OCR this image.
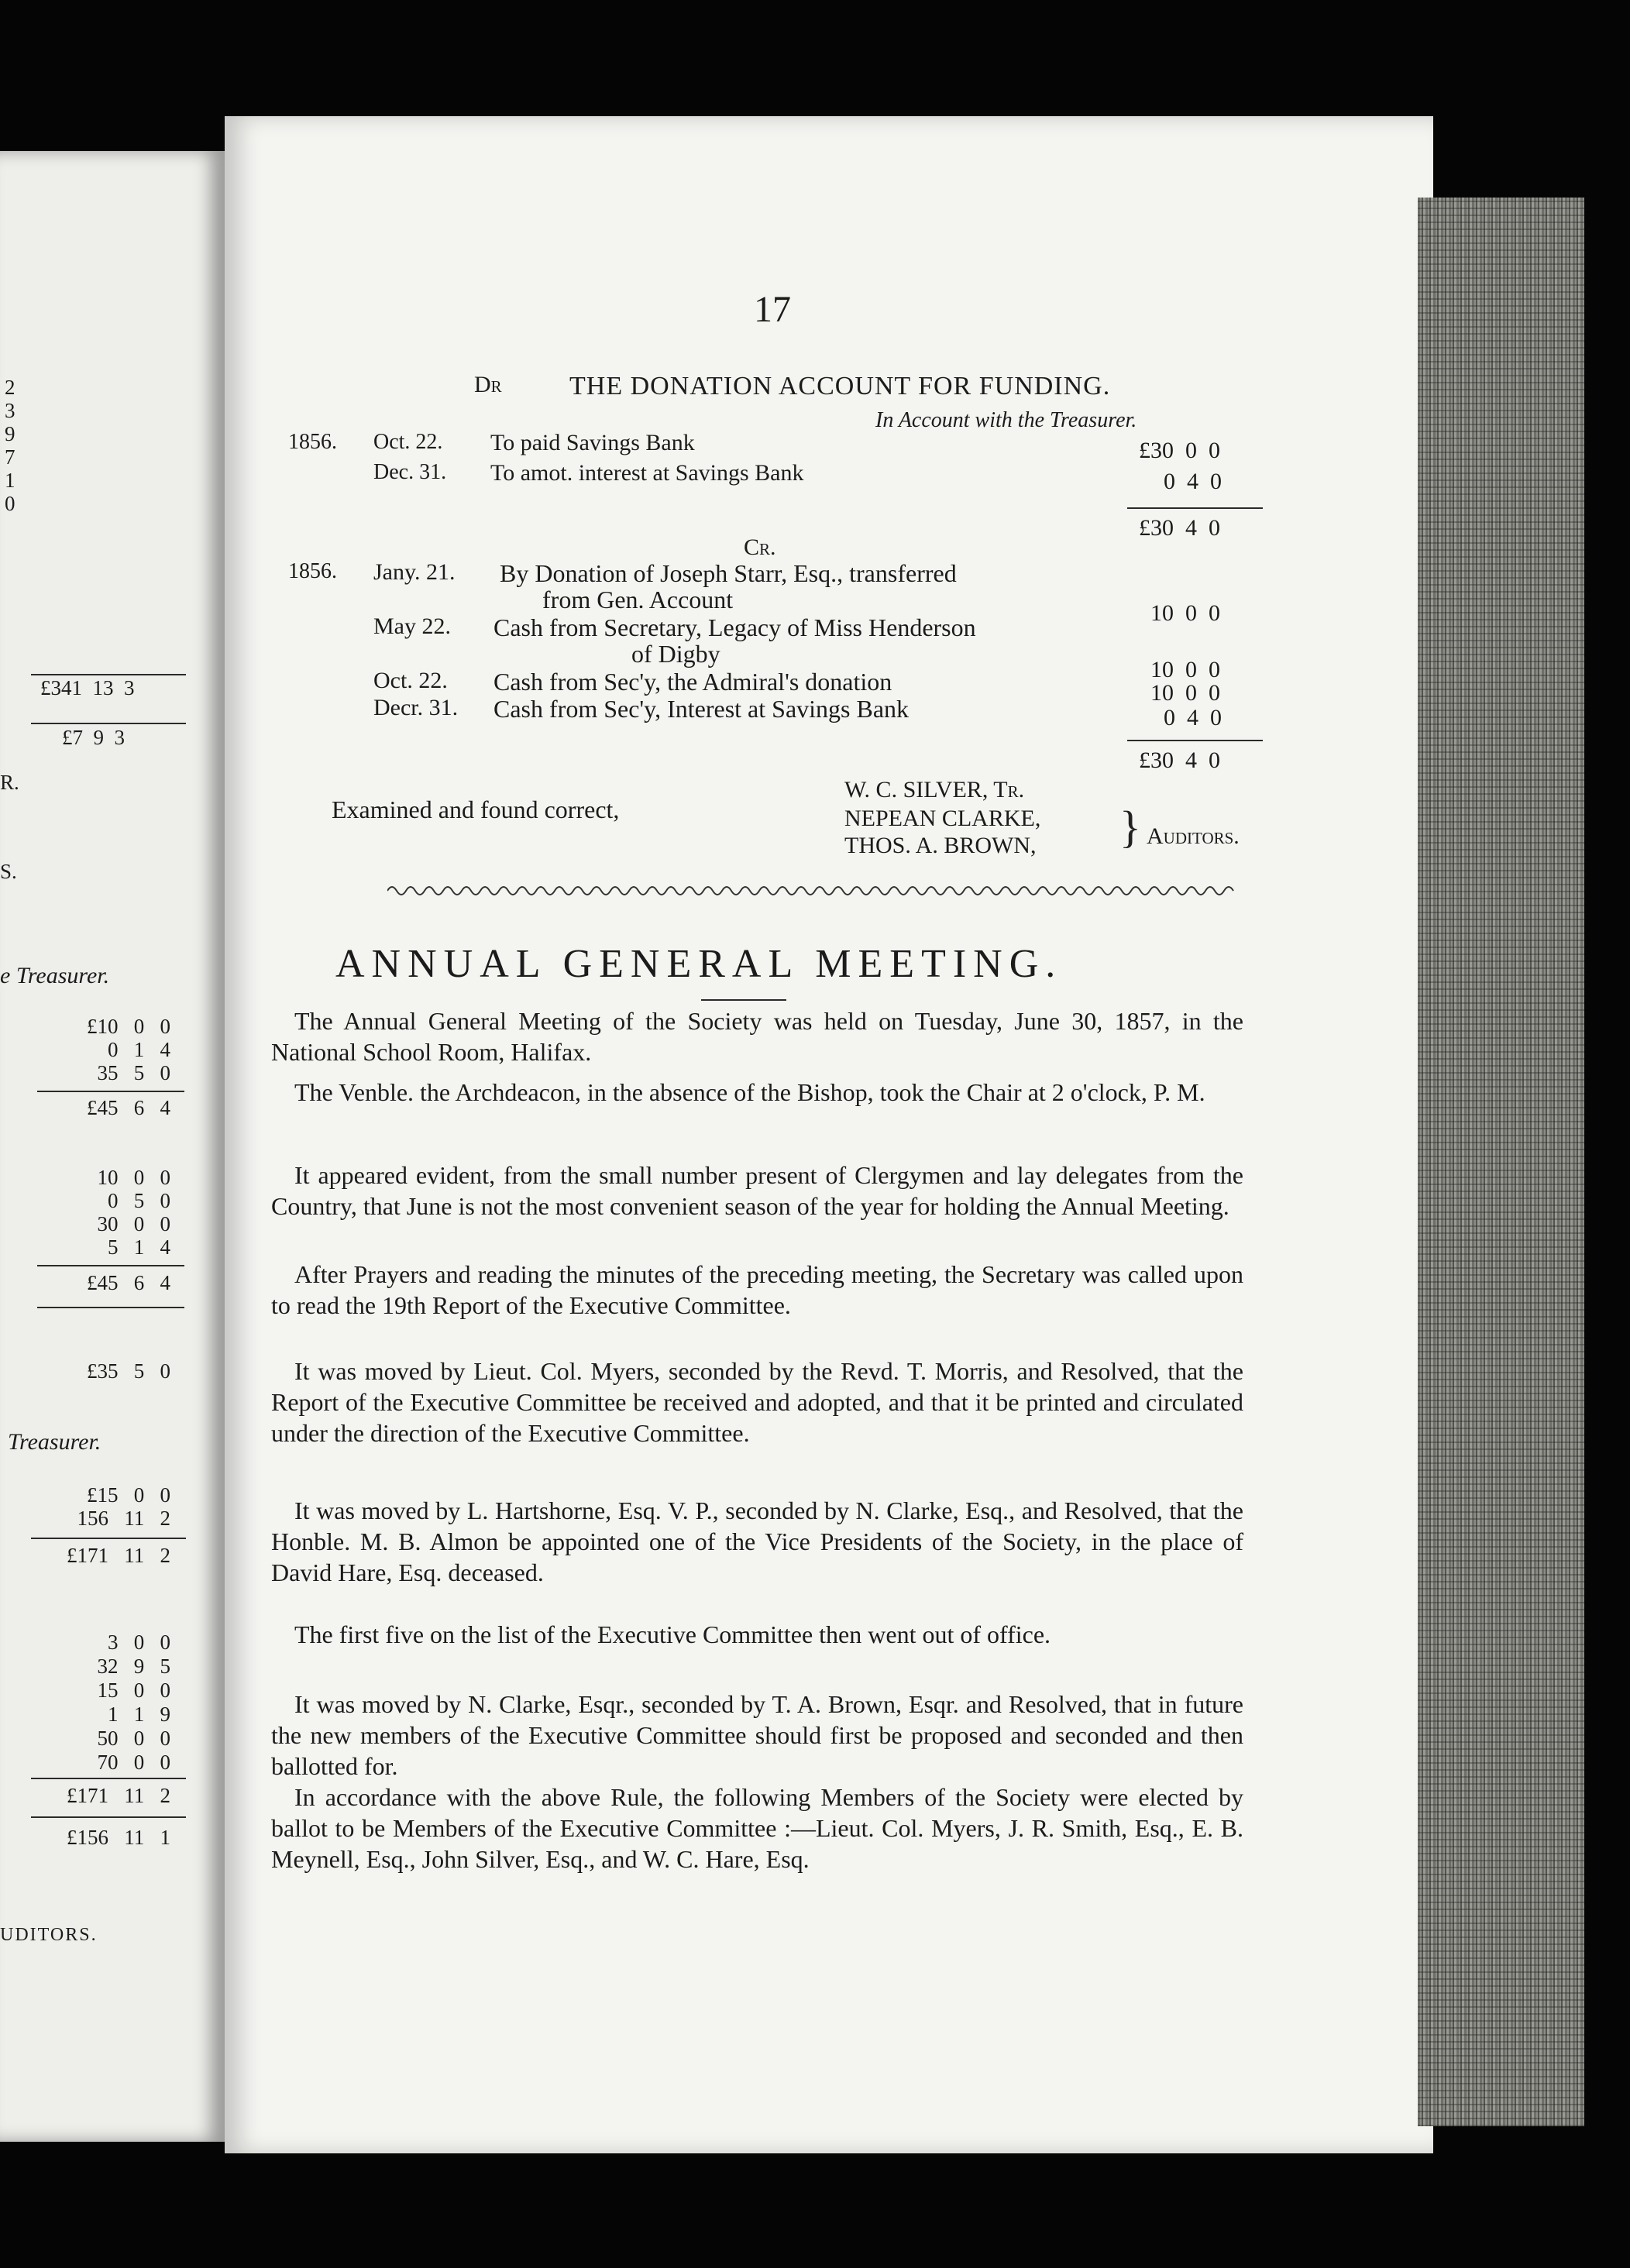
2
3
9
7
1
0
£341 13 3
£7 9 3
R.
S.
e Treasurer.
£10 0 0
0 1 4
35 5 0
£45 6 4
10 0 0
0 5 0
30 0 0
5 1 4
£45 6 4
£35 5 0
Treasurer.
£15 0 0
156 11 2
£171 11 2
3 0 0
32 9 5
15 0 0
1 1 9
50 0 0
70 0 0
£171 11 2
£156 11 1
UDITORS.
17
Dr	THE DONATION ACCOUNT FOR FUNDING.
In Account with the Treasurer.
1856. Oct. 22. To paid Savings Bank	£30 0 0
Dec. 31. To amot. interest at Savings Bank	0 4 0
£30 4 0
Cr.
1856. Jany. 21. By Donation of Joseph Starr, Esq., transferred
from Gen. Account	10 0 0
May 22. Cash from Secretary, Legacy of Miss Henderson
of Digby
10 0 0
Oct. 22. Cash from Sec'y, the Admiral's donation	10 0 0
Decr. 31. Cash from Sec'y, Interest at Savings Bank	0 4 0
£30 4 0
Examined and found correct,
W. C. SILVER, Tr.
NEPEAN CLARKE,
THOS. A. BROWN, } Auditors.
ANNUAL GENERAL MEETING.

The Annual General Meeting of the Society was held on Tuesday, June 30, 1857, in the National School Room, Halifax.

The Venble. the Archdeacon, in the absence of the Bishop, took the Chair at 2 o'clock, P. M.

It appeared evident, from the small number present of Clergymen and lay delegates from the Country, that June is not the most convenient season of the year for holding the Annual Meeting.

After Prayers and reading the minutes of the preceding meeting, the Secretary was called upon to read the 19th Report of the Executive Committee.

It was moved by Lieut. Col. Myers, seconded by the Revd. T. Morris, and Resolved, that the Report of the Executive Committee be received and adopted, and that it be printed and circulated under the direction of the Executive Committee.

It was moved by L. Hartshorne, Esq. V. P., seconded by N. Clarke, Esq., and Resolved, that the Honble. M. B. Almon be appointed one of the Vice Presidents of the Society, in the place of David Hare, Esq. deceased.

The first five on the list of the Executive Committee then went out of office.

It was moved by N. Clarke, Esqr., seconded by T. A. Brown, Esqr. and Resolved, that in future the new members of the Executive Committee should first be proposed and seconded and then ballotted for.

In accordance with the above Rule, the following Members of the Society were elected by ballot to be Members of the Executive Committee :—Lieut. Col. Myers, J. R. Smith, Esq., E. B. Meynell, Esq., John Silver, Esq., and W. C. Hare, Esq.
